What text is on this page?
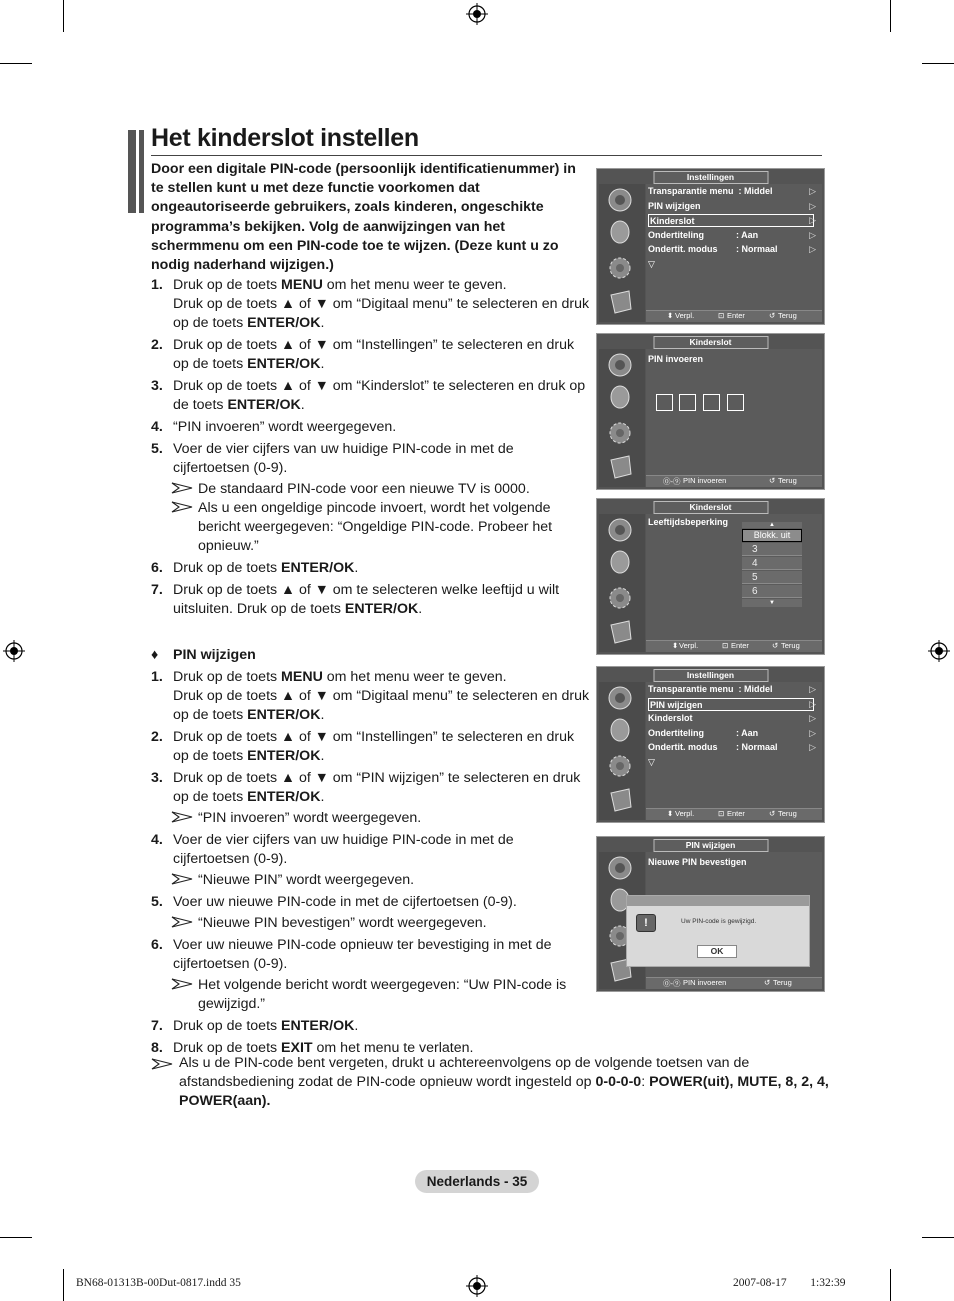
Het kinderslot instellen
Door een digitale PIN-code (persoonlijk identificatienummer) in te stellen kunt u met deze functie voorkomen dat ongeautoriseerde gebruikers, zoals kinderen, ongeschikte programma’s bekijken. Volg de aanwijzingen van het schermmenu om een PIN-code toe te wijzen. (Deze kunt u zo nodig naderhand wijzigen.)
1. Druk op de toets MENU om het menu weer te geven.
Druk op de toets ▲ of ▼ om “Digitaal menu” te selecteren en druk op de toets ENTER/OK.
2. Druk op de toets ▲ of ▼ om “Instellingen” te selecteren en druk op de toets ENTER/OK.
3. Druk op de toets ▲ of ▼ om “Kinderslot” te selecteren en druk op de toets ENTER/OK.
4. “PIN invoeren” wordt weergegeven.
5. Voer de vier cijfers van uw huidige PIN-code in met de cijfertoetsen (0-9).
De standaard PIN-code voor een nieuwe TV is 0000.
Als u een ongeldige pincode invoert, wordt het volgende bericht weergegeven: “Ongeldige PIN-code. Probeer het opnieuw.”
6. Druk op de toets ENTER/OK.
7. Druk op de toets ▲ of ▼ om te selecteren welke leeftijd u wilt uitsluiten. Druk op de toets ENTER/OK.
♦ PIN wijzigen
1. Druk op de toets MENU om het menu weer te geven.
Druk op de toets ▲ of ▼ om “Digitaal menu” te selecteren en druk op de toets ENTER/OK.
2. Druk op de toets ▲ of ▼ om “Instellingen” te selecteren en druk op de toets ENTER/OK.
3. Druk op de toets ▲ of ▼ om “PIN wijzigen” te selecteren en druk op de toets ENTER/OK.
“PIN invoeren” wordt weergegeven.
4. Voer de vier cijfers van uw huidige PIN-code in met de cijfertoetsen (0-9).
“Nieuwe PIN” wordt weergegeven.
5. Voer uw nieuwe PIN-code in met de cijfertoetsen (0-9).
“Nieuwe PIN bevestigen” wordt weergegeven.
6. Voer uw nieuwe PIN-code opnieuw ter bevestiging in met de cijfertoetsen (0-9).
Het volgende bericht wordt weergegeven: “Uw PIN-code is gewijzigd.”
7. Druk op de toets ENTER/OK.
8. Druk op de toets EXIT om het menu te verlaten.
Als u de PIN-code bent vergeten, drukt u achtereenvolgens op de volgende toetsen van de afstandsbediening zodat de PIN-code opnieuw wordt ingesteld op 0-0-0-0: POWER(uit), MUTE, 8, 2, 4, POWER(aan).
Nederlands - 35
BN68-01313B-00Dut-0817.indd 35	2007-08-17 ￿￿ 1:32:39
Instellingen
Transparantie menu : Middel	▷
PIN wijzigen	▷
Kinderslot	▷
Ondertiteling	: Aan	▷
Ondertit. modus : Normaal	▷
▽
⬍ Verpl.	⊡ Enter	↺ Terug
Kinderslot
PIN invoeren
⓪-⑨ PIN invoeren	↺ Terug
Kinderslot
Leeftijdsbeperking	▲
Blokk. uit
3
4
5
6
▼
⬍ Verpl.	⊡ Enter	↺ Terug
Instellingen
Transparantie menu : Middel	▷
PIN wijzigen	▷
Kinderslot	▷
Ondertiteling	: Aan	▷
Ondertit. modus : Normaal	▷
▽
⬍ Verpl.	⊡ Enter	↺ Terug
PIN wijzigen
Nieuwe PIN bevestigen
!	Uw PIN-code is gewijzigd.
OK
⓪-⑨ PIN invoeren	↺ Terug
